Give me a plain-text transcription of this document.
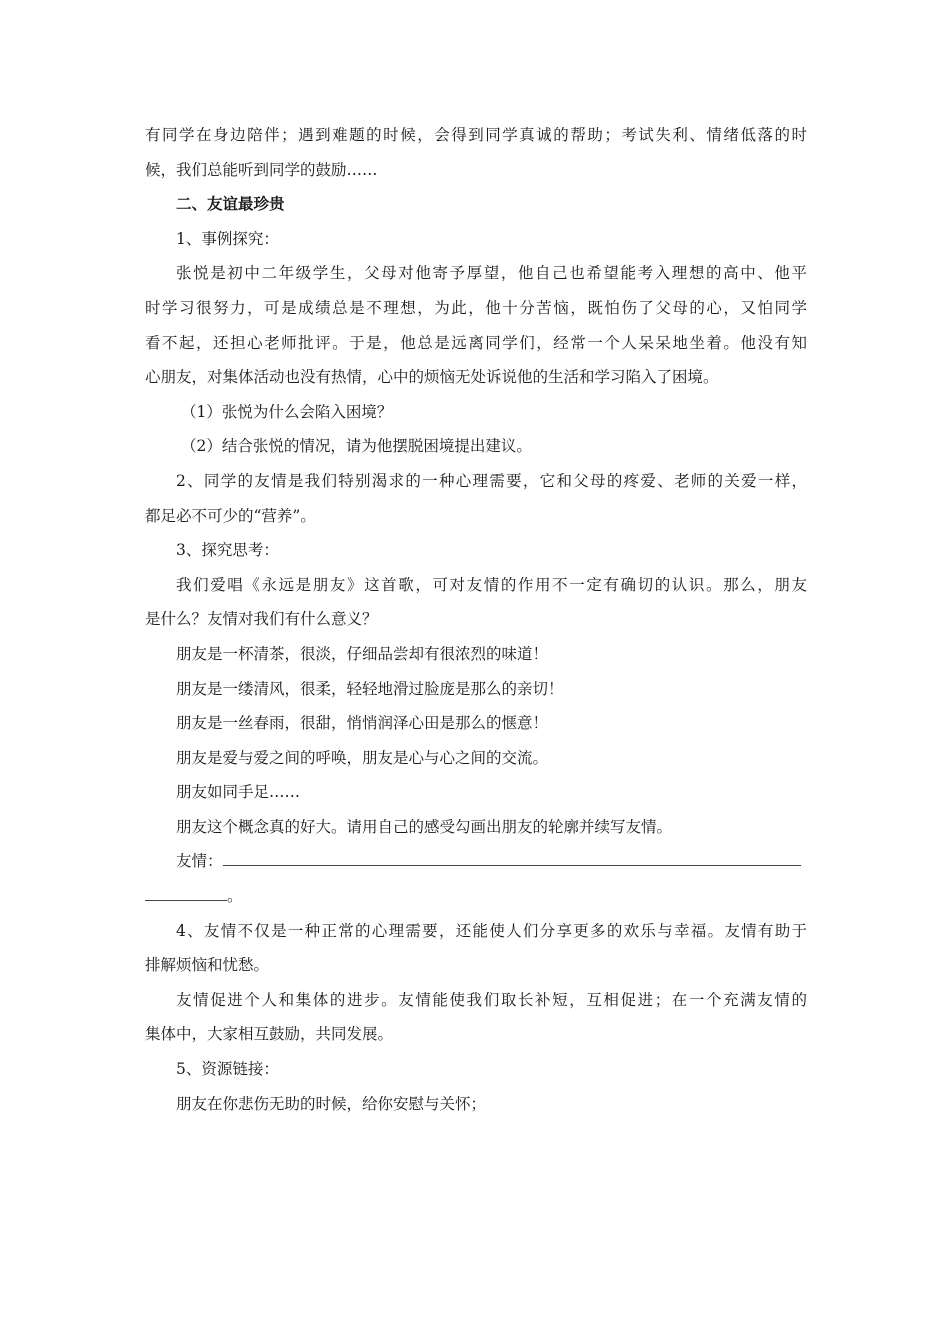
有同学在身边陪伴；遇到难题的时候，会得到同学真诚的帮助；考试失利、情绪低落的时
候，我们总能听到同学的鼓励……
二、友谊最珍贵
1、事例探究：
张悦是初中二年级学生，父母对他寄予厚望，他自己也希望能考入理想的高中、他平
时学习很努力，可是成绩总是不理想，为此，他十分苦恼，既怕伤了父母的心，又怕同学
看不起，还担心老师批评。于是，他总是远离同学们，经常一个人呆呆地坐着。他没有知
心朋友，对集体活动也没有热情，心中的烦恼无处诉说他的生活和学习陷入了困境。
（1）张悦为什么会陷入困境？
（2）结合张悦的情况，请为他摆脱困境提出建议。
2、同学的友情是我们特别渴求的一种心理需要，它和父母的疼爱、老师的关爱一样，
都足必不可少的“营养”。
3、探究思考：
我们爱唱《永远是朋友》这首歌，可对友情的作用不一定有确切的认识。那么，朋友
是什么？友情对我们有什么意义？
朋友是一杯清茶，很淡，仔细品尝却有很浓烈的味道！
朋友是一缕清风，很柔，轻轻地滑过脸庞是那么的亲切！
朋友是一丝春雨，很甜，悄悄润泽心田是那么的惬意！
朋友是爱与爱之间的呼唤，朋友是心与心之间的交流。
朋友如同手足……
朋友这个概念真的好大。请用自己的感受勾画出朋友的轮廓并续写友情。
友情：
。
4、友情不仅是一种正常的心理需要，还能使人们分享更多的欢乐与幸福。友情有助于
排解烦恼和忧愁。
友情促进个人和集体的进步。友情能使我们取长补短，互相促进；在一个充满友情的
集体中，大家相互鼓励，共同发展。
5、资源链接：
朋友在你悲伤无助的时候，给你安慰与关怀；
